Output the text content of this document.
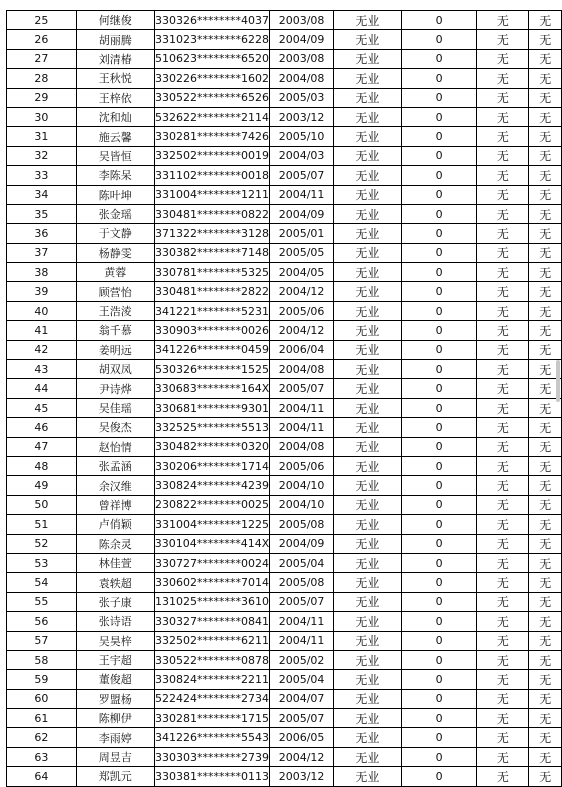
25	何继俊	330326********4037	2003/08	无业	0	无	无
26	胡丽腾	331023********6228	2004/09	无业	0	无	无
27	刘清椿	510623********6520	2003/08	无业	0	无	无
28	王秋悦	330226********1602	2004/08	无业	0	无	无
29	王梓依	330522********6526	2005/03	无业	0	无	无
30	沈和灿	532622********2114	2003/12	无业	0	无	无
31	施云馨	330281********7426	2005/10	无业	0	无	无
32	吴皆恒	332502********0019	2004/03	无业	0	无	无
33	李陈呆	331102********0018	2005/07	无业	0	无	无
34	陈叶坤	331004********1211	2004/11	无业	0	无	无
35	张金瑶	330481********0822	2004/09	无业	0	无	无
36	于文静	371322********3128	2005/01	无业	0	无	无
37	杨静雯	330382********7148	2005/05	无业	0	无	无
38	黄蓉	330781********5325	2004/05	无业	0	无	无
39	顾营怡	330481********2822	2004/12	无业	0	无	无
40	王浩淩	341221********5231	2005/06	无业	0	无	无
41	翁千慕	330903********0026	2004/12	无业	0	无	无
42	姜明远	341226********0459	2006/04	无业	0	无	无
43	胡双凤	530326********1525	2004/08	无业	0	无	无
44	尹诗烨	330683********164X	2005/07	无业	0	无	无
45	吴佳瑶	330681********9301	2004/11	无业	0	无	无
46	吴俊杰	332525********5513	2004/11	无业	0	无	无
47	赵怡情	330482********0320	2004/08	无业	0	无	无
48	张孟涵	330206********1714	2005/06	无业	0	无	无
49	余汉维	330824********4239	2004/10	无业	0	无	无
50	曾祥博	230822********0025	2004/10	无业	0	无	无
51	卢俏颖	331004********1225	2005/08	无业	0	无	无
52	陈余灵	330104********414X	2004/09	无业	0	无	无
53	林佳萱	330727********0024	2005/04	无业	0	无	无
54	袁轶超	330602********7014	2005/08	无业	0	无	无
55	张子康	131025********3610	2005/07	无业	0	无	无
56	张诗语	330327********0841	2004/11	无业	0	无	无
57	吴昊梓	332502********6211	2004/11	无业	0	无	无
58	王宇超	330522********0878	2005/02	无业	0	无	无
59	董俊超	330824********2211	2005/04	无业	0	无	无
60	罗盟杨	522424********2734	2004/07	无业	0	无	无
61	陈柳伊	330281********1715	2005/07	无业	0	无	无
62	李雨婷	341226********5543	2006/05	无业	0	无	无
63	周昱吉	330303********2739	2004/12	无业	0	无	无
64	郑凯元	330381********0113	2003/12	无业	0	无	无
